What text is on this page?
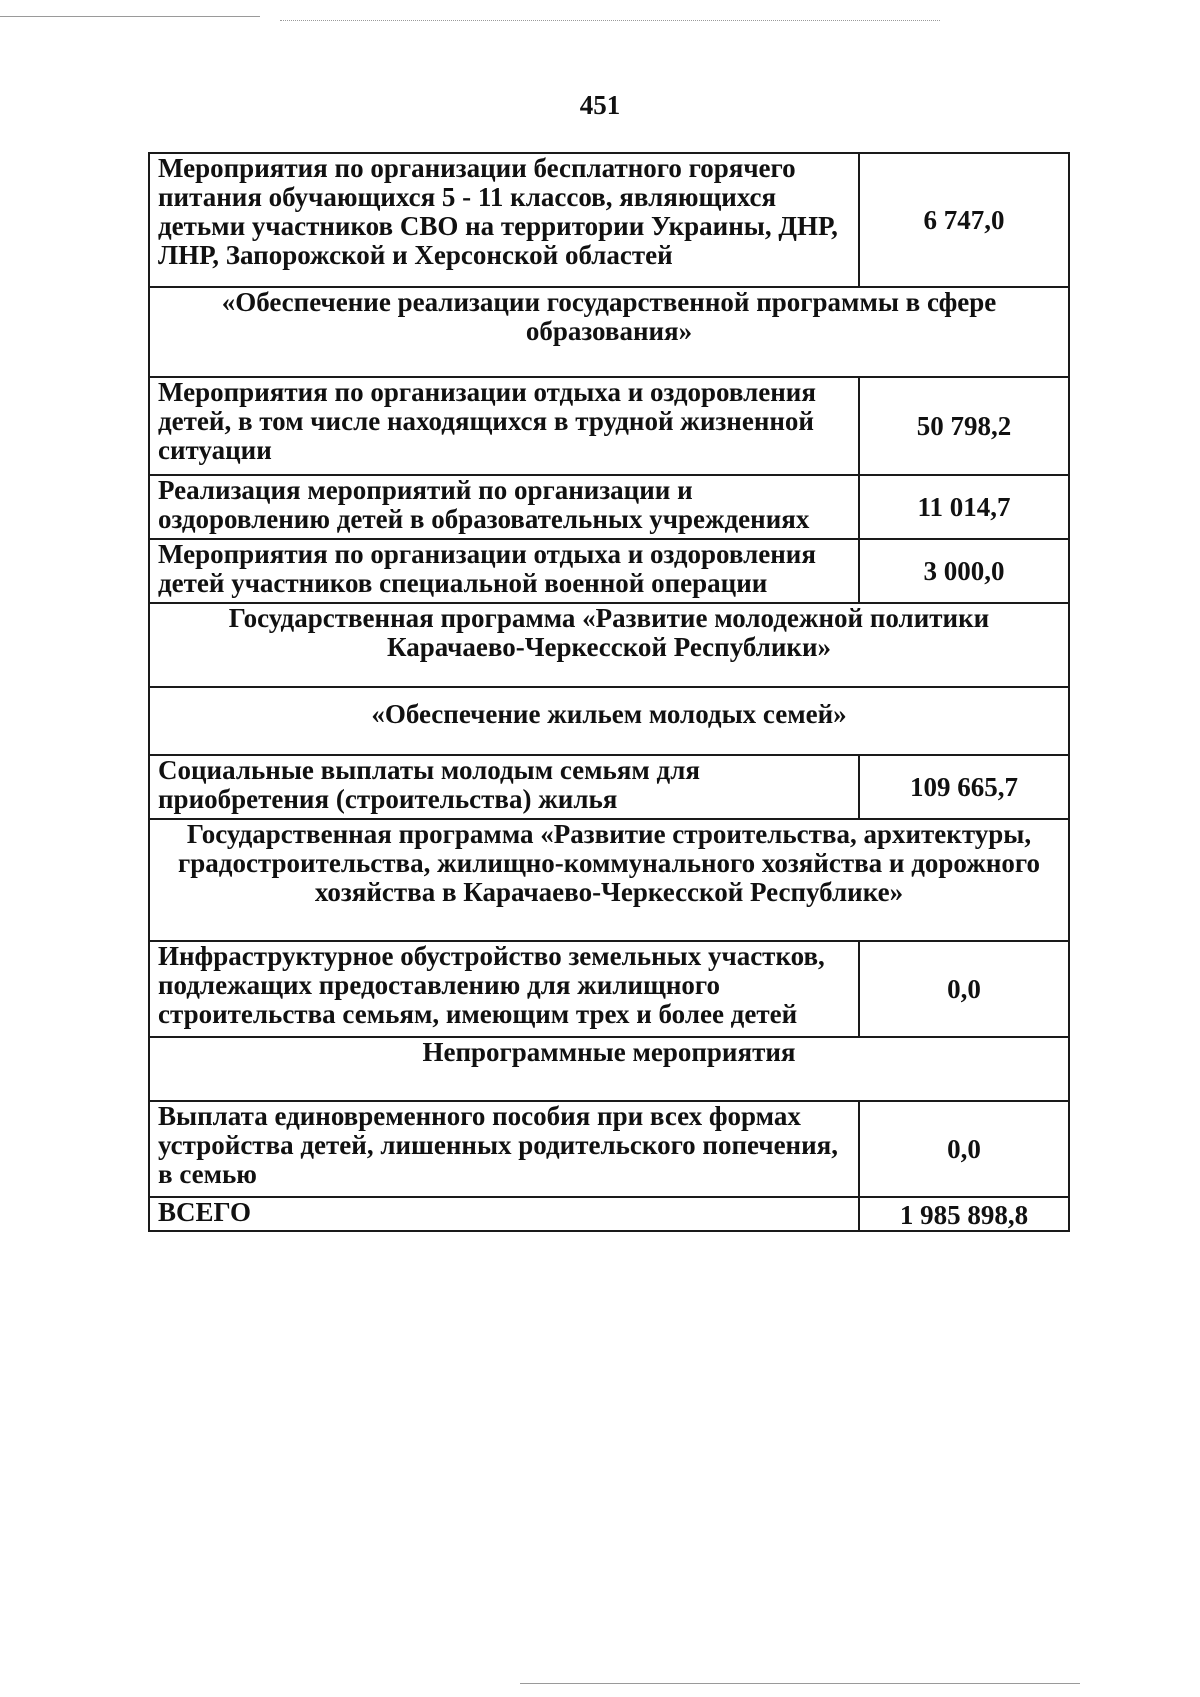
451
Мероприятия по организации бесплатного горячего питания обучающихся 5 - 11 классов, являющихся детьми участников СВО на территории Украины, ДНР, ЛНР, Запорожской и Херсонской областей	6 747,0
«Обеспечение реализации государственной программы в сфере образования»	
Мероприятия по организации отдыха и оздоровления детей, в том числе находящихся в трудной жизненной ситуации	50 798,2
Реализация мероприятий по организации и оздоровлению детей в образовательных учреждениях	11 014,7
Мероприятия по организации отдыха и оздоровления детей участников специальной военной операции	3 000,0
Государственная программа «Развитие молодежной политики Карачаево-Черкесской Республики»	
«Обеспечение жильем молодых семей»	
Социальные выплаты молодым семьям для приобретения (строительства) жилья	109 665,7
Государственная программа «Развитие строительства, архитектуры, градостроительства, жилищно-коммунального хозяйства и дорожного хозяйства в Карачаево-Черкесской Республике»	
Инфраструктурное обустройство земельных участков, подлежащих предоставлению для жилищного строительства семьям, имеющим трех и более детей	0,0
Непрограммные мероприятия	
Выплата единовременного пособия при всех формах устройства детей, лишенных родительского попечения, в семью	0,0
ВСЕГО	1 985 898,8
